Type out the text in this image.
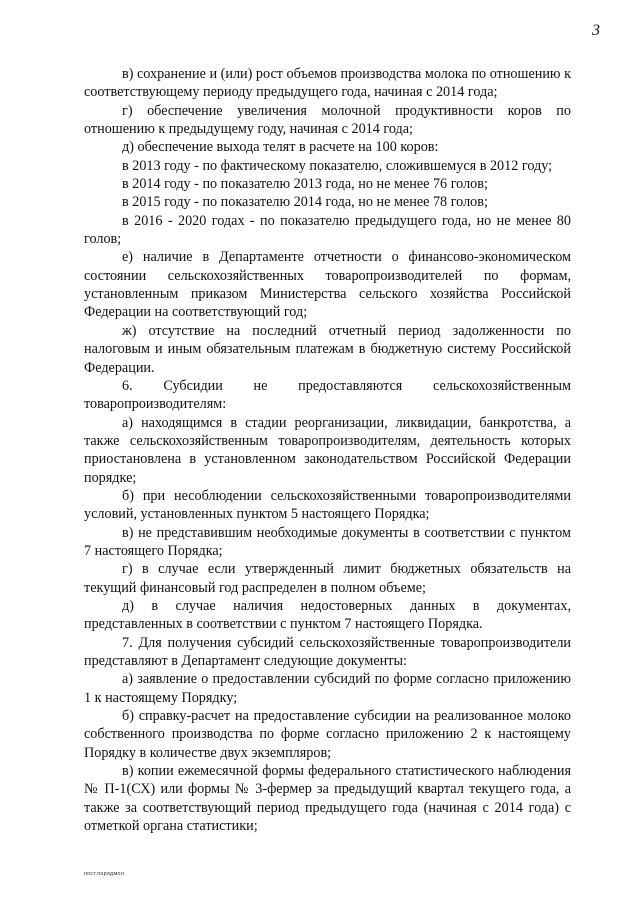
3

в) сохранение и (или) рост объемов производства молока по отношению к соответствующему периоду предыдущего года, начиная с 2014 года;

г) обеспечение увеличения молочной продуктивности коров по отношению к предыдущему году, начиная с 2014 года;

д) обеспечение выхода телят в расчете на 100 коров:

в 2013 году - по фактическому показателю, сложившемуся в 2012 году;

в 2014 году - по показателю 2013 года, но не менее 76 голов;

в 2015 году - по показателю 2014 года, но не менее 78 голов;

в 2016 - 2020 годах - по показателю предыдущего года, но не менее 80 голов;

е) наличие в Департаменте отчетности о финансово-экономическом состоянии сельскохозяйственных товаропроизводителей по формам, установленным приказом Министерства сельского хозяйства Российской Федерации на соответствующий год;

ж) отсутствие на последний отчетный период задолженности по налоговым и иным обязательным платежам в бюджетную систему Российской Федерации.

6. Субсидии не предоставляются сельскохозяйственным товаропроизводителям:

а) находящимся в стадии реорганизации, ликвидации, банкротства, а также сельскохозяйственным товаропроизводителям, деятельность которых приостановлена в установленном законодательством Российской Федерации порядке;

б) при несоблюдении сельскохозяйственными товаропроизводителями условий, установленных пунктом 5 настоящего Порядка;

в) не представившим необходимые документы в соответствии с пунктом 7 настоящего Порядка;

г) в случае если утвержденный лимит бюджетных обязательств на текущий финансовый год распределен в полном объеме;

д) в случае наличия недостоверных данных в документах, представленных в соответствии с пунктом 7 настоящего Порядка.

7. Для получения субсидий сельскохозяйственные товаропроизводители представляют в Департамент следующие документы:

а) заявление о предоставлении субсидий по форме согласно приложению 1 к настоящему Порядку;

б) справку-расчет на предоставление субсидии на реализованное молоко собственного производства по форме согласно приложению 2 к настоящему Порядку в количестве двух экземпляров;

в) копии ежемесячной формы федерального статистического наблюдения № П-1(СХ) или формы № 3-фермер за предыдущий квартал текущего года, а также за соответствующий период предыдущего года (начиная с 2014 года) с отметкой органа статистики;

пост.порядмол
